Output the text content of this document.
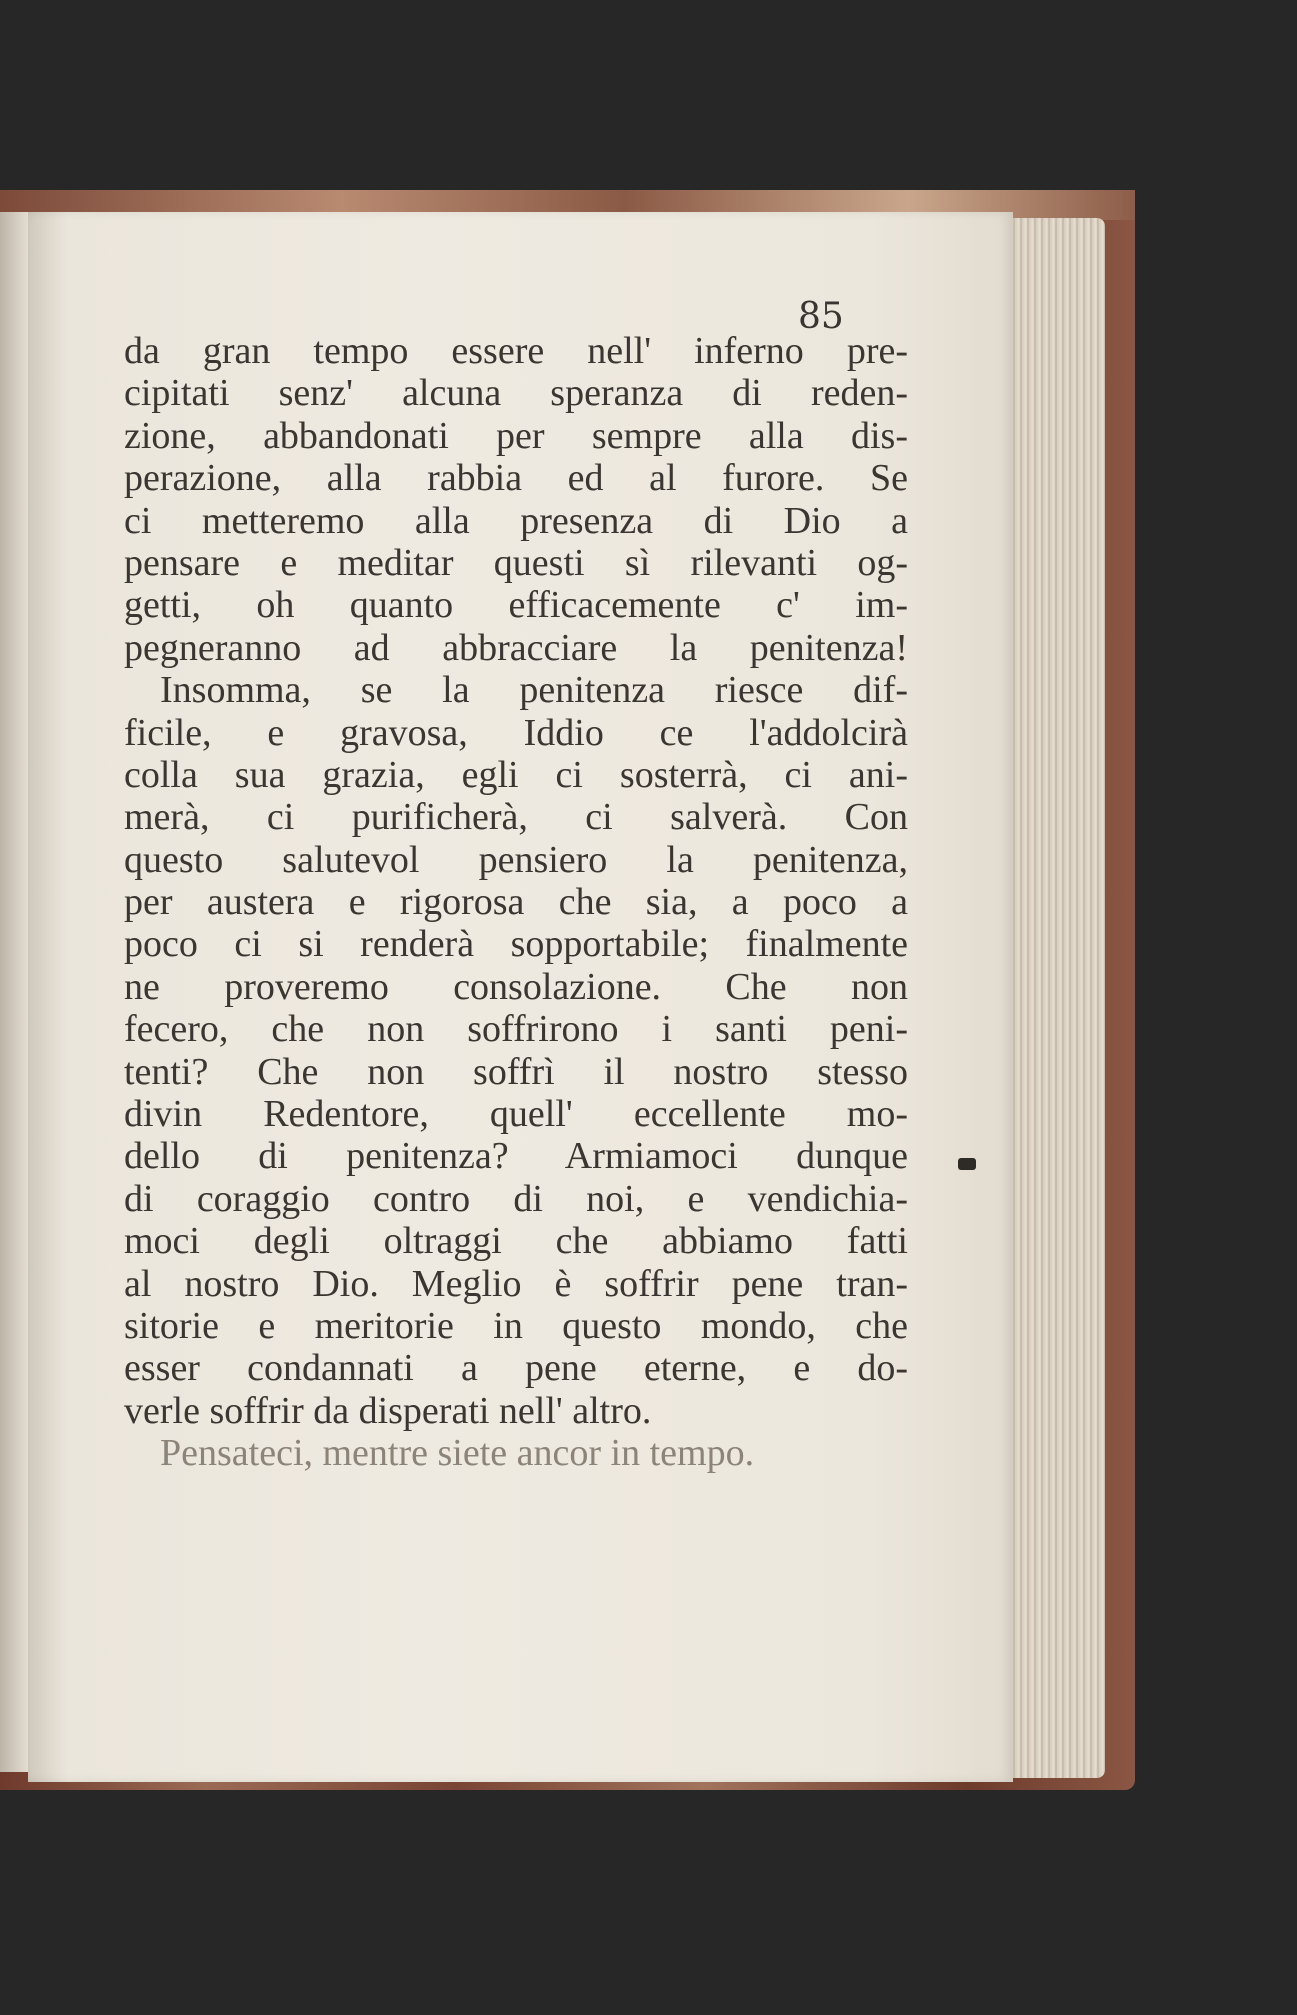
85
da gran tempo essere nell' inferno pre-
cipitati senz' alcuna speranza di reden-
zione, abbandonati per sempre alla dis-
perazione, alla rabbia ed al furore. Se
ci metteremo alla presenza di Dio a
pensare e meditar questi sì rilevanti og-
getti, oh quanto efficacemente c' im-
pegneranno ad abbracciare la penitenza!
Insomma, se la penitenza riesce dif-
ficile, e gravosa, Iddio ce l'addolcirà
colla sua grazia, egli ci sosterrà, ci ani-
merà, ci purificherà, ci salverà. Con
questo salutevol pensiero la penitenza,
per austera e rigorosa che sia, a poco a
poco ci si renderà sopportabile; finalmente
ne proveremo consolazione. Che non
fecero, che non soffrirono i santi peni-
tenti? Che non soffrì il nostro stesso
divin Redentore, quell' eccellente mo-
dello di penitenza? Armiamoci dunque
di coraggio contro di noi, e vendichia-
moci degli oltraggi che abbiamo fatti
al nostro Dio. Meglio è soffrir pene tran-
sitorie e meritorie in questo mondo, che
esser condannati a pene eterne, e do-
verle soffrir da disperati nell' altro.
Pensateci, mentre siete ancor in tempo.
